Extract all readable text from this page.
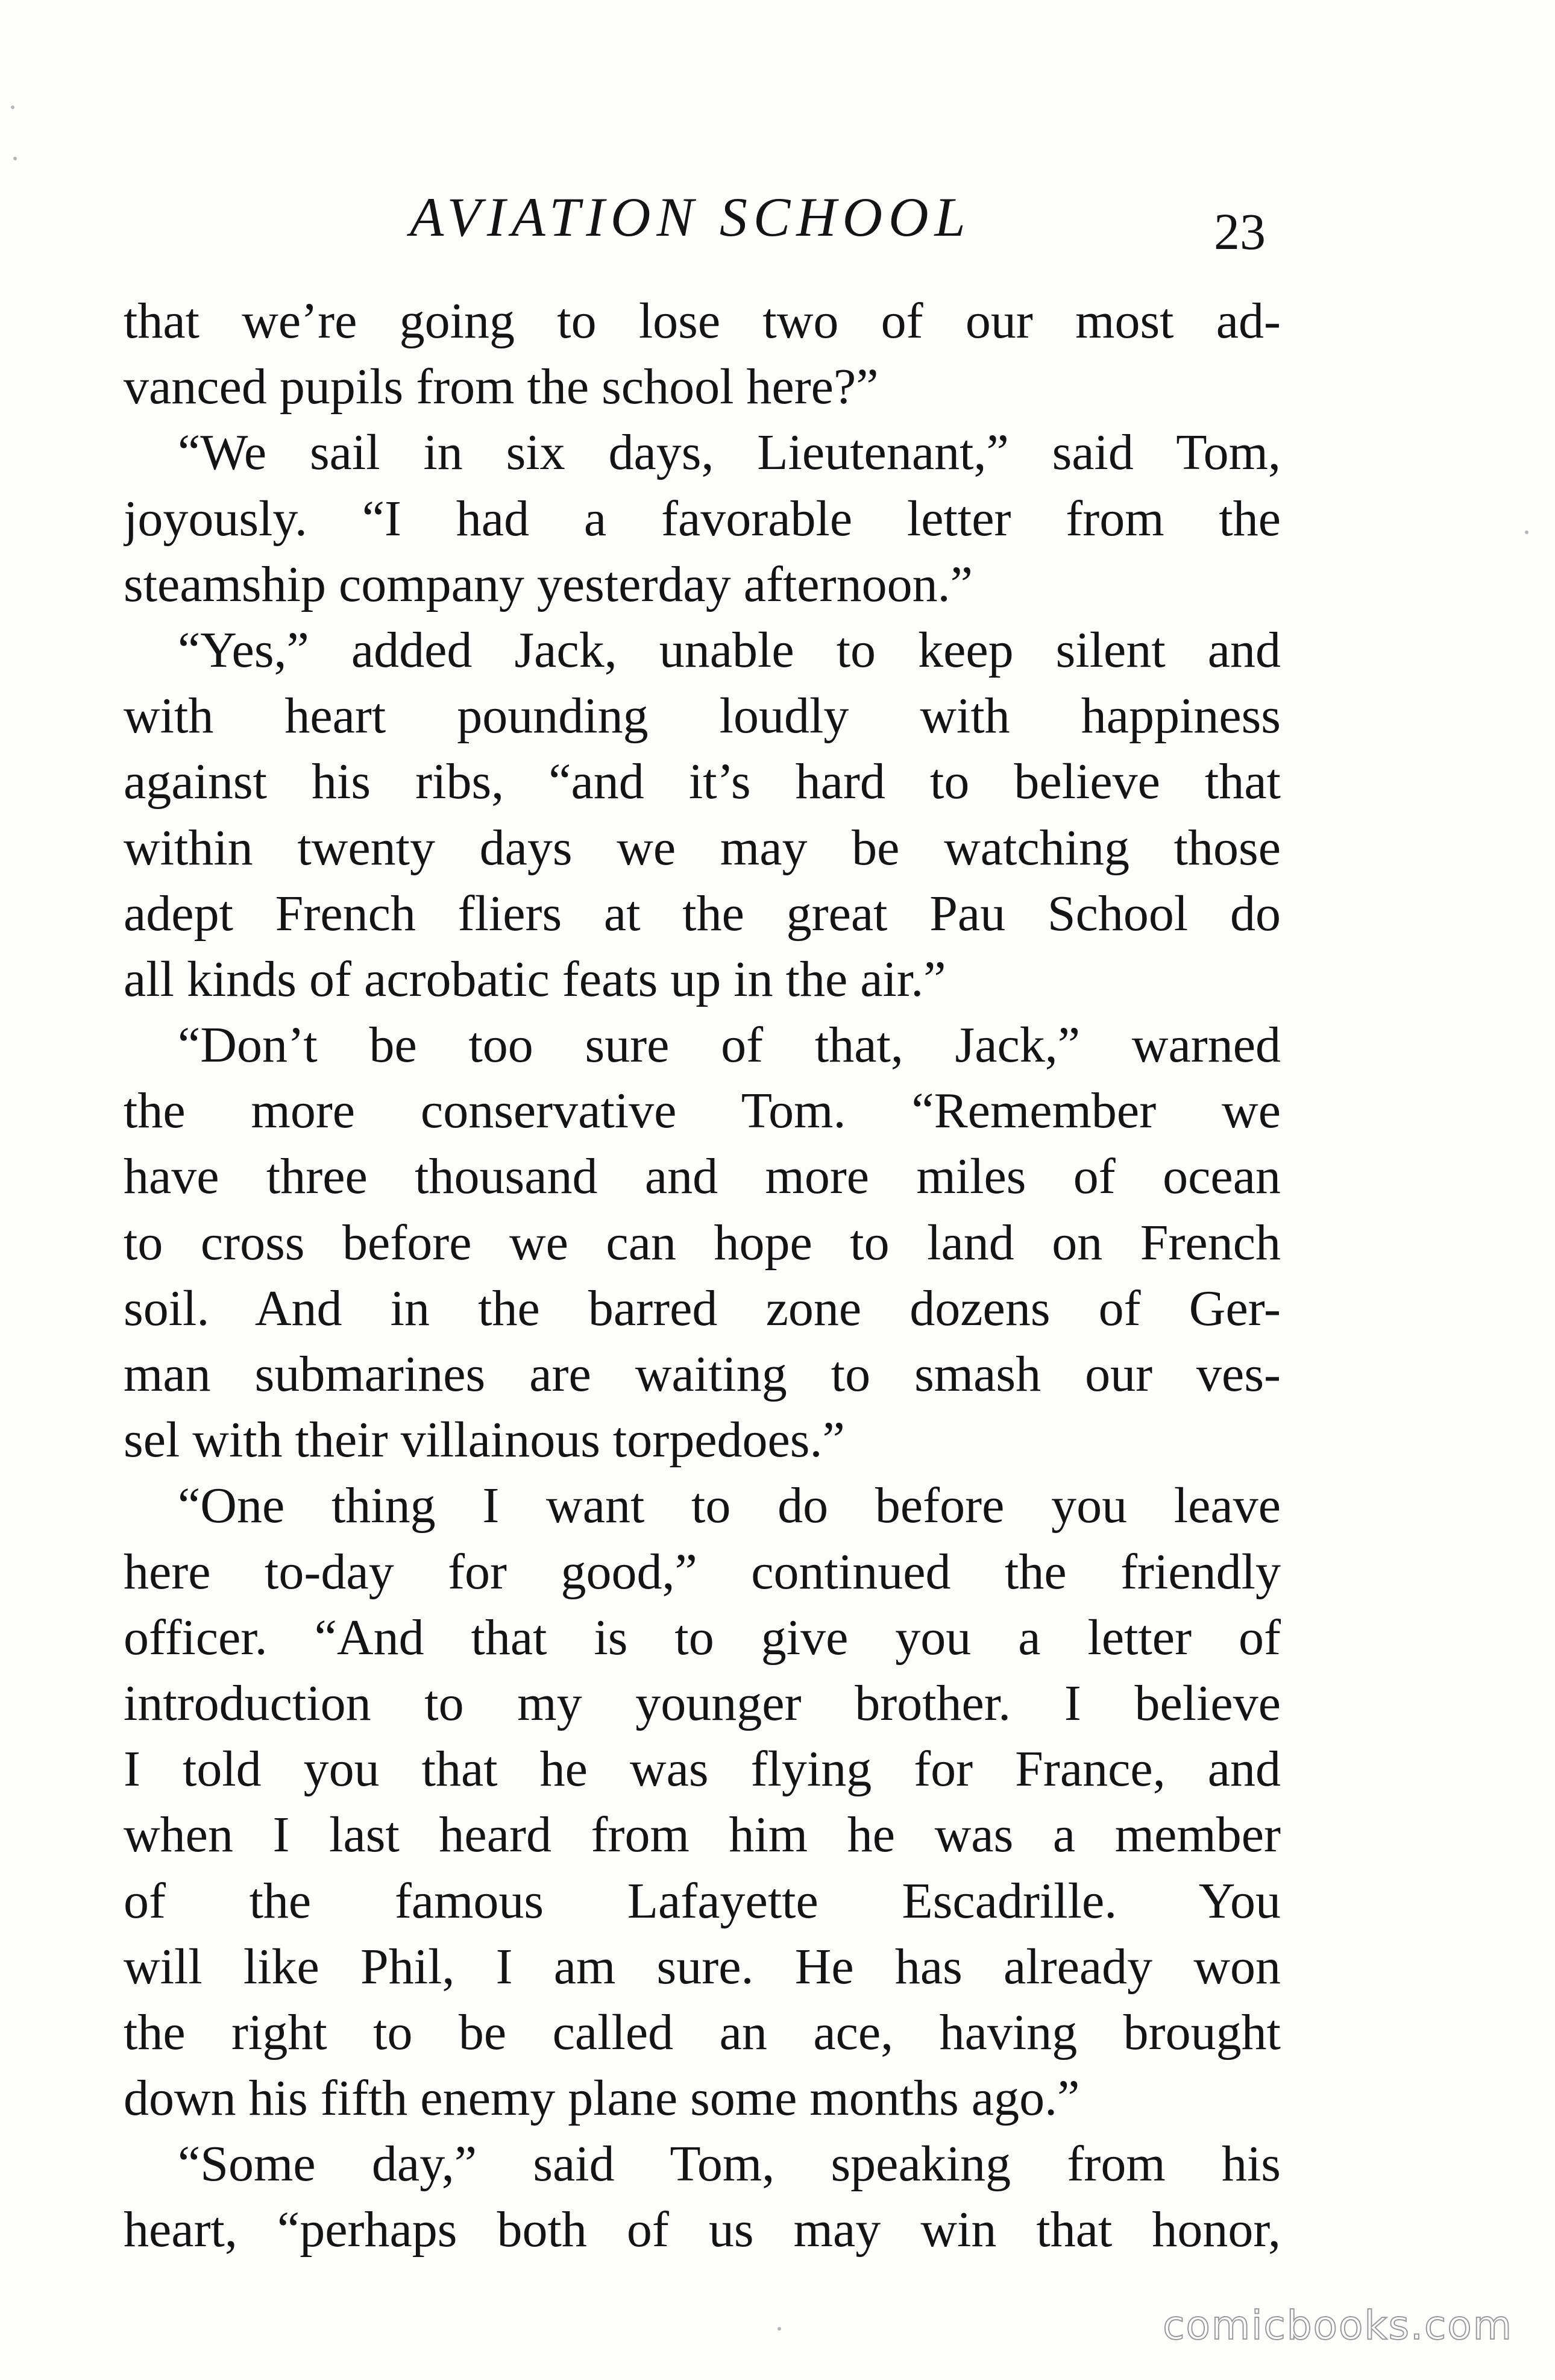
AVIATION SCHOOL	23
that we’re going to lose two of our most ad-
vanced pupils from the school here?”
“We sail in six days, Lieutenant,” said Tom,
joyously. “I had a favorable letter from the
steamship company yesterday afternoon.”
“Yes,” added Jack, unable to keep silent and
with heart pounding loudly with happiness
against his ribs, “and it’s hard to believe that
within twenty days we may be watching those
adept French fliers at the great Pau School do
all kinds of acrobatic feats up in the air.”
“Don’t be too sure of that, Jack,” warned
the more conservative Tom. “Remember we
have three thousand and more miles of ocean
to cross before we can hope to land on French
soil. And in the barred zone dozens of Ger-
man submarines are waiting to smash our ves-
sel with their villainous torpedoes.”
“One thing I want to do before you leave
here to-day for good,” continued the friendly
officer. “And that is to give you a letter of
introduction to my younger brother. I believe
I told you that he was flying for France, and
when I last heard from him he was a member
of the famous Lafayette Escadrille. You
will like Phil, I am sure. He has already won
the right to be called an ace, having brought
down his fifth enemy plane some months ago.”
“Some day,” said Tom, speaking from his
heart, “perhaps both of us may win that honor,
comicbooks.com
